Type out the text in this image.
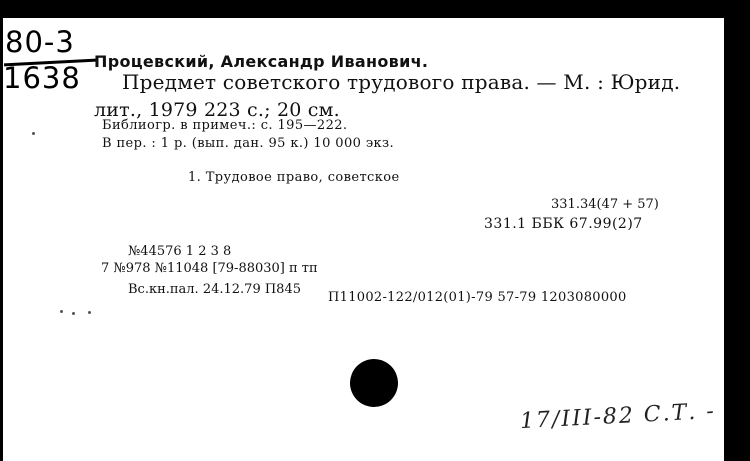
80-3
1638 Процевский, Александр Иванович.
Предмет советского трудового права. — М. : Юрид.
лит., 1979 223 с.; 20 см.
Библиогр. в примеч.: с. 195—222.
В пер. : 1 р. (вып. дан. 95 к.) 10 000 экз.
1. Трудовое право, советское
331.34(47 + 57)
331.1 ББК 67.99(2)7
№44576 1 2 3 8
7 №978 №11048 [79-88030] п тп
Вс.кн.пал. 24.12.79 П845
П11002-122/012(01)-79 57-79 1203080000
17/III-82 С.Т. -
